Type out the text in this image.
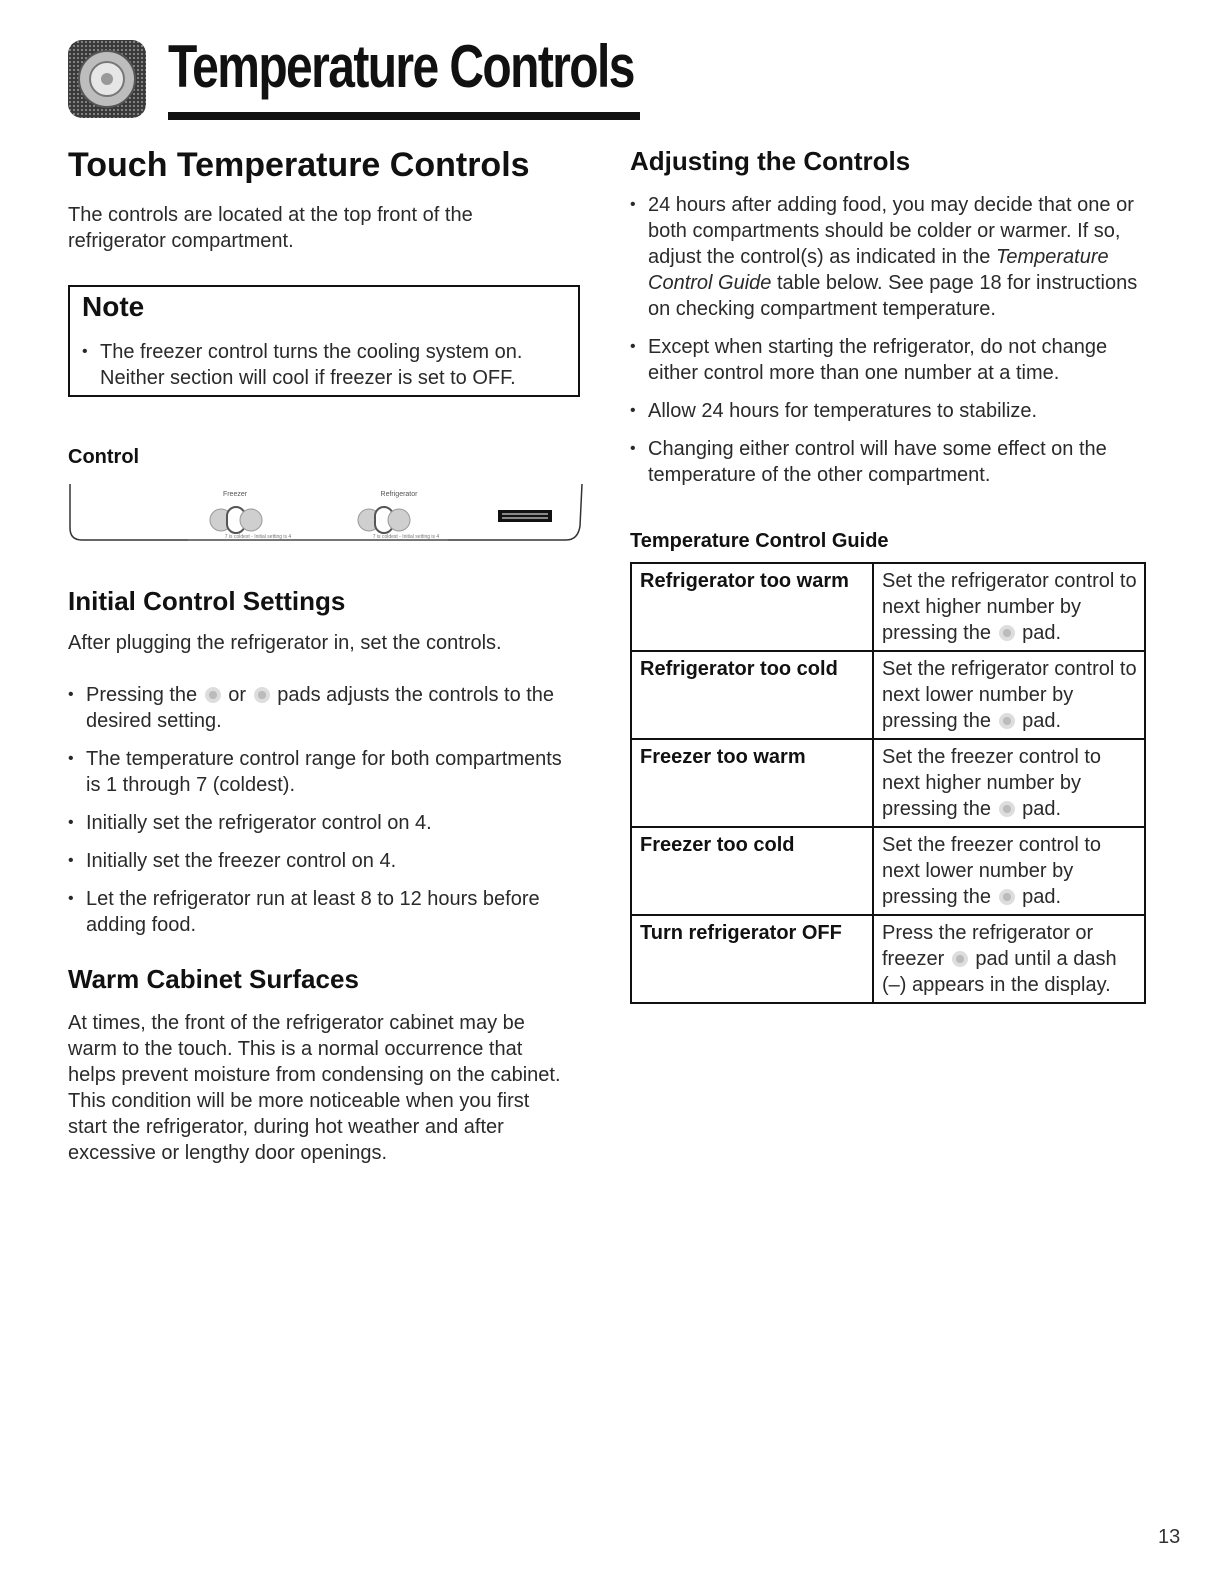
Temperature Controls
Touch Temperature Controls

The controls are located at the top front of the refrigerator compartment.

Note
• The freezer control turns the cooling system on. Neither section will cool if freezer is set to OFF.
Control
Freezer
7 is coldest - Initial setting is 4
Refrigerator
7 is coldest - Initial setting is 4
Initial Control Settings

After plugging the refrigerator in, set the controls.

• Pressing the or pads adjusts the controls to the desired setting.
• The temperature control range for both compartments is 1 through 7 (coldest).
• Initially set the refrigerator control on 4.
• Initially set the freezer control on 4.
• Let the refrigerator run at least 8 to 12 hours before adding food.
Warm Cabinet Surfaces

At times, the front of the refrigerator cabinet may be warm to the touch. This is a normal occurrence that helps prevent moisture from condensing on the cabinet. This condition will be more noticeable when you first start the refrigerator, during hot weather and after excessive or lengthy door openings.

Adjusting the Controls
• 24 hours after adding food, you may decide that one or both compartments should be colder or warmer. If so, adjust the control(s) as indicated in the Temperature Control Guide table below. See page 18 for instructions on checking compartment temperature.
• Except when starting the refrigerator, do not change either control more than one number at a time.
• Allow 24 hours for temperatures to stabilize.
• Changing either control will have some effect on the temperature of the other compartment.
Temperature Control Guide
Refrigerator too warm	Set the refrigerator control to next higher number by pressing the pad.
Refrigerator too cold	Set the refrigerator control to next lower number by pressing the pad.
Freezer too warm	Set the freezer control to next higher number by pressing the pad.
Freezer too cold	Set the freezer control to next lower number by pressing the pad.
Turn refrigerator OFF	Press the refrigerator or freezer pad until a dash (–) appears in the display.
13
